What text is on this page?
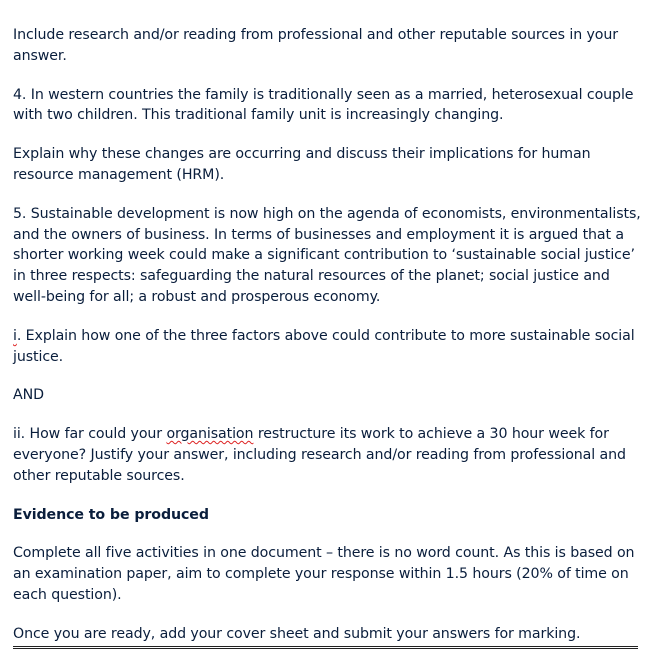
Include research and/or reading from professional and other reputable sources in your answer.

4. In western countries the family is traditionally seen as a married, heterosexual couple with two children. This traditional family unit is increasingly changing.

Explain why these changes are occurring and discuss their implications for human resource management (HRM).

5. Sustainable development is now high on the agenda of economists, environmentalists, and the owners of business. In terms of businesses and employment it is argued that a shorter working week could make a significant contribution to ‘sustainable social justice’ in three respects: safeguarding the natural resources of the planet; social justice and well-being for all; a robust and prosperous economy.

i. Explain how one of the three factors above could contribute to more sustainable social justice.

AND

ii. How far could your organisation restructure its work to achieve a 30 hour week for everyone? Justify your answer, including research and/or reading from professional and other reputable sources.

Evidence to be produced

Complete all five activities in one document – there is no word count. As this is based on an examination paper, aim to complete your response within 1.5 hours (20% of time on each question).

Once you are ready, add your cover sheet and submit your answers for marking.
